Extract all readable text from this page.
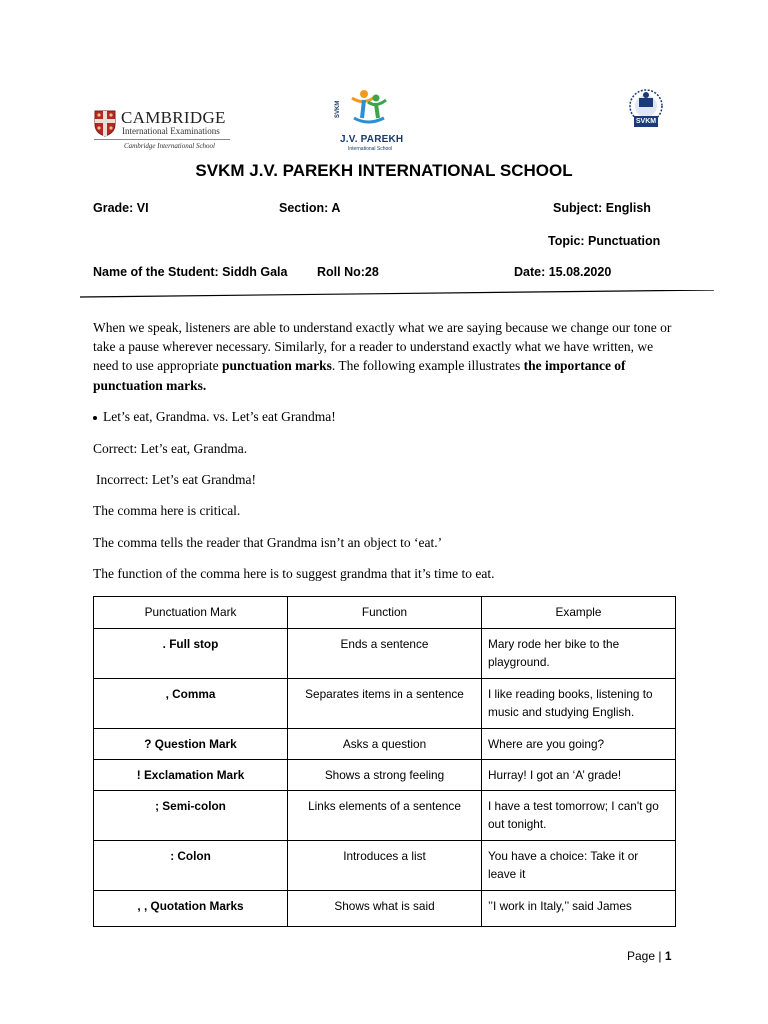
CAMBRIDGE
International Examinations
Cambridge International School
SVKM
J.V. PAREKH
International School
SVKM
SVKM J.V. PAREKH INTERNATIONAL SCHOOL
Grade: VI	Section: A	Subject: English
Topic: Punctuation
Name of the Student: Siddh Gala Roll No:28	Date: 15.08.2020
When we speak, listeners are able to understand exactly what we are saying because we change our tone or take a pause wherever necessary. Similarly, for a reader to understand exactly what we have written, we need to use appropriate punctuation marks. The following example illustrates the importance of punctuation marks.
Let’s eat, Grandma. vs. Let’s eat Grandma!
Correct: Let’s eat, Grandma.
Incorrect: Let’s eat Grandma!
The comma here is critical.
The comma tells the reader that Grandma isn’t an object to ‘eat.’
The function of the comma here is to suggest grandma that it’s time to eat.
Punctuation Mark	Function	Example
. Full stop	Ends a sentence	Mary rode her bike to the playground.
, Comma	Separates items in a sentence	I like reading books, listening to music and studying English.
? Question Mark	Asks a question	Where are you going?
! Exclamation Mark	Shows a strong feeling	Hurray! I got an ‘A’ grade!
; Semi-colon	Links elements of a sentence	I have a test tomorrow; I can't go out tonight.
: Colon	Introduces a list	You have a choice: Take it or leave it
, , Quotation Marks	Shows what is said	’’I work in Italy,’’ said James
Page | 1
